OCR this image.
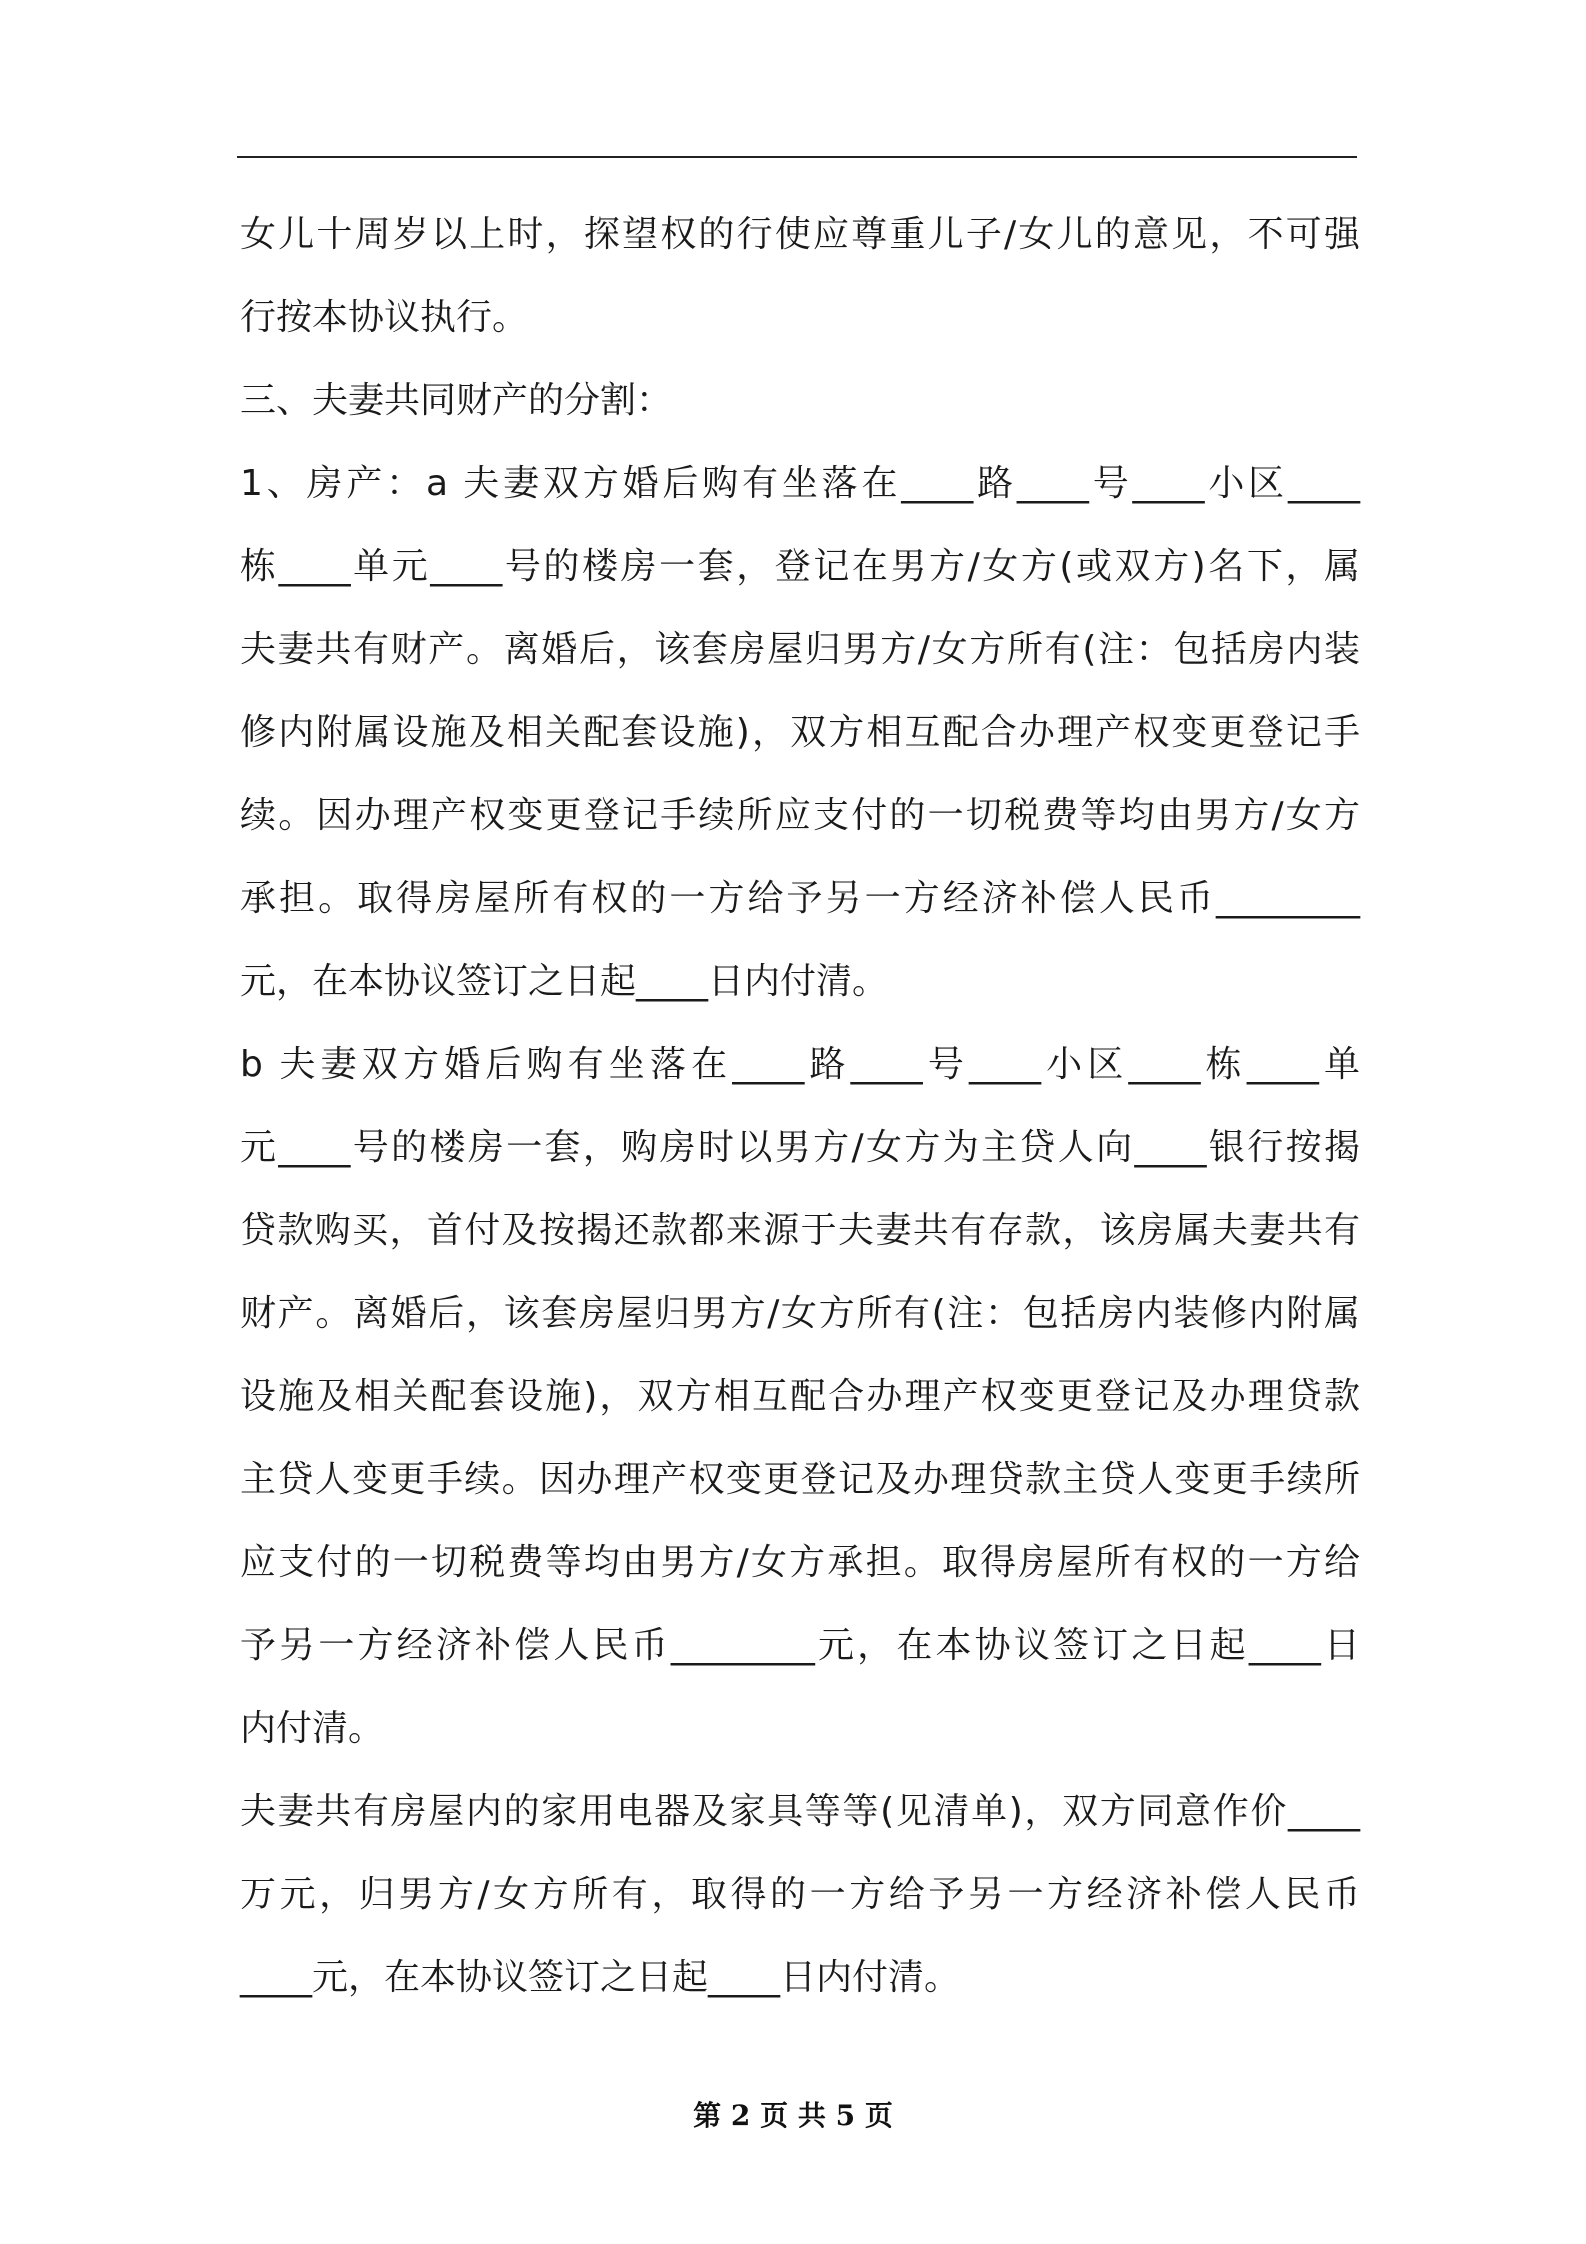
女儿十周岁以上时，探望权的行使应尊重儿子/女儿的意见，不可强
行按本协议执行。
三、夫妻共同财产的分割：
1、房产：a 夫妻双方婚后购有坐落在____路____号____小区____
栋____单元____号的楼房一套，登记在男方/女方(或双方)名下，属
夫妻共有财产。离婚后，该套房屋归男方/女方所有(注：包括房内装
修内附属设施及相关配套设施)，双方相互配合办理产权变更登记手
续。因办理产权变更登记手续所应支付的一切税费等均由男方/女方
承担。取得房屋所有权的一方给予另一方经济补偿人民币________
元，在本协议签订之日起____日内付清。
b 夫妻双方婚后购有坐落在____路____号____小区____栋____单
元____号的楼房一套，购房时以男方/女方为主贷人向____银行按揭
贷款购买，首付及按揭还款都来源于夫妻共有存款，该房属夫妻共有
财产。离婚后，该套房屋归男方/女方所有(注：包括房内装修内附属
设施及相关配套设施)，双方相互配合办理产权变更登记及办理贷款
主贷人变更手续。因办理产权变更登记及办理贷款主贷人变更手续所
应支付的一切税费等均由男方/女方承担。取得房屋所有权的一方给
予另一方经济补偿人民币________元，在本协议签订之日起____日
内付清。
夫妻共有房屋内的家用电器及家具等等(见清单)，双方同意作价____
万元，归男方/女方所有，取得的一方给予另一方经济补偿人民币
____元，在本协议签订之日起____日内付清。
第 2 页 共 5 页
